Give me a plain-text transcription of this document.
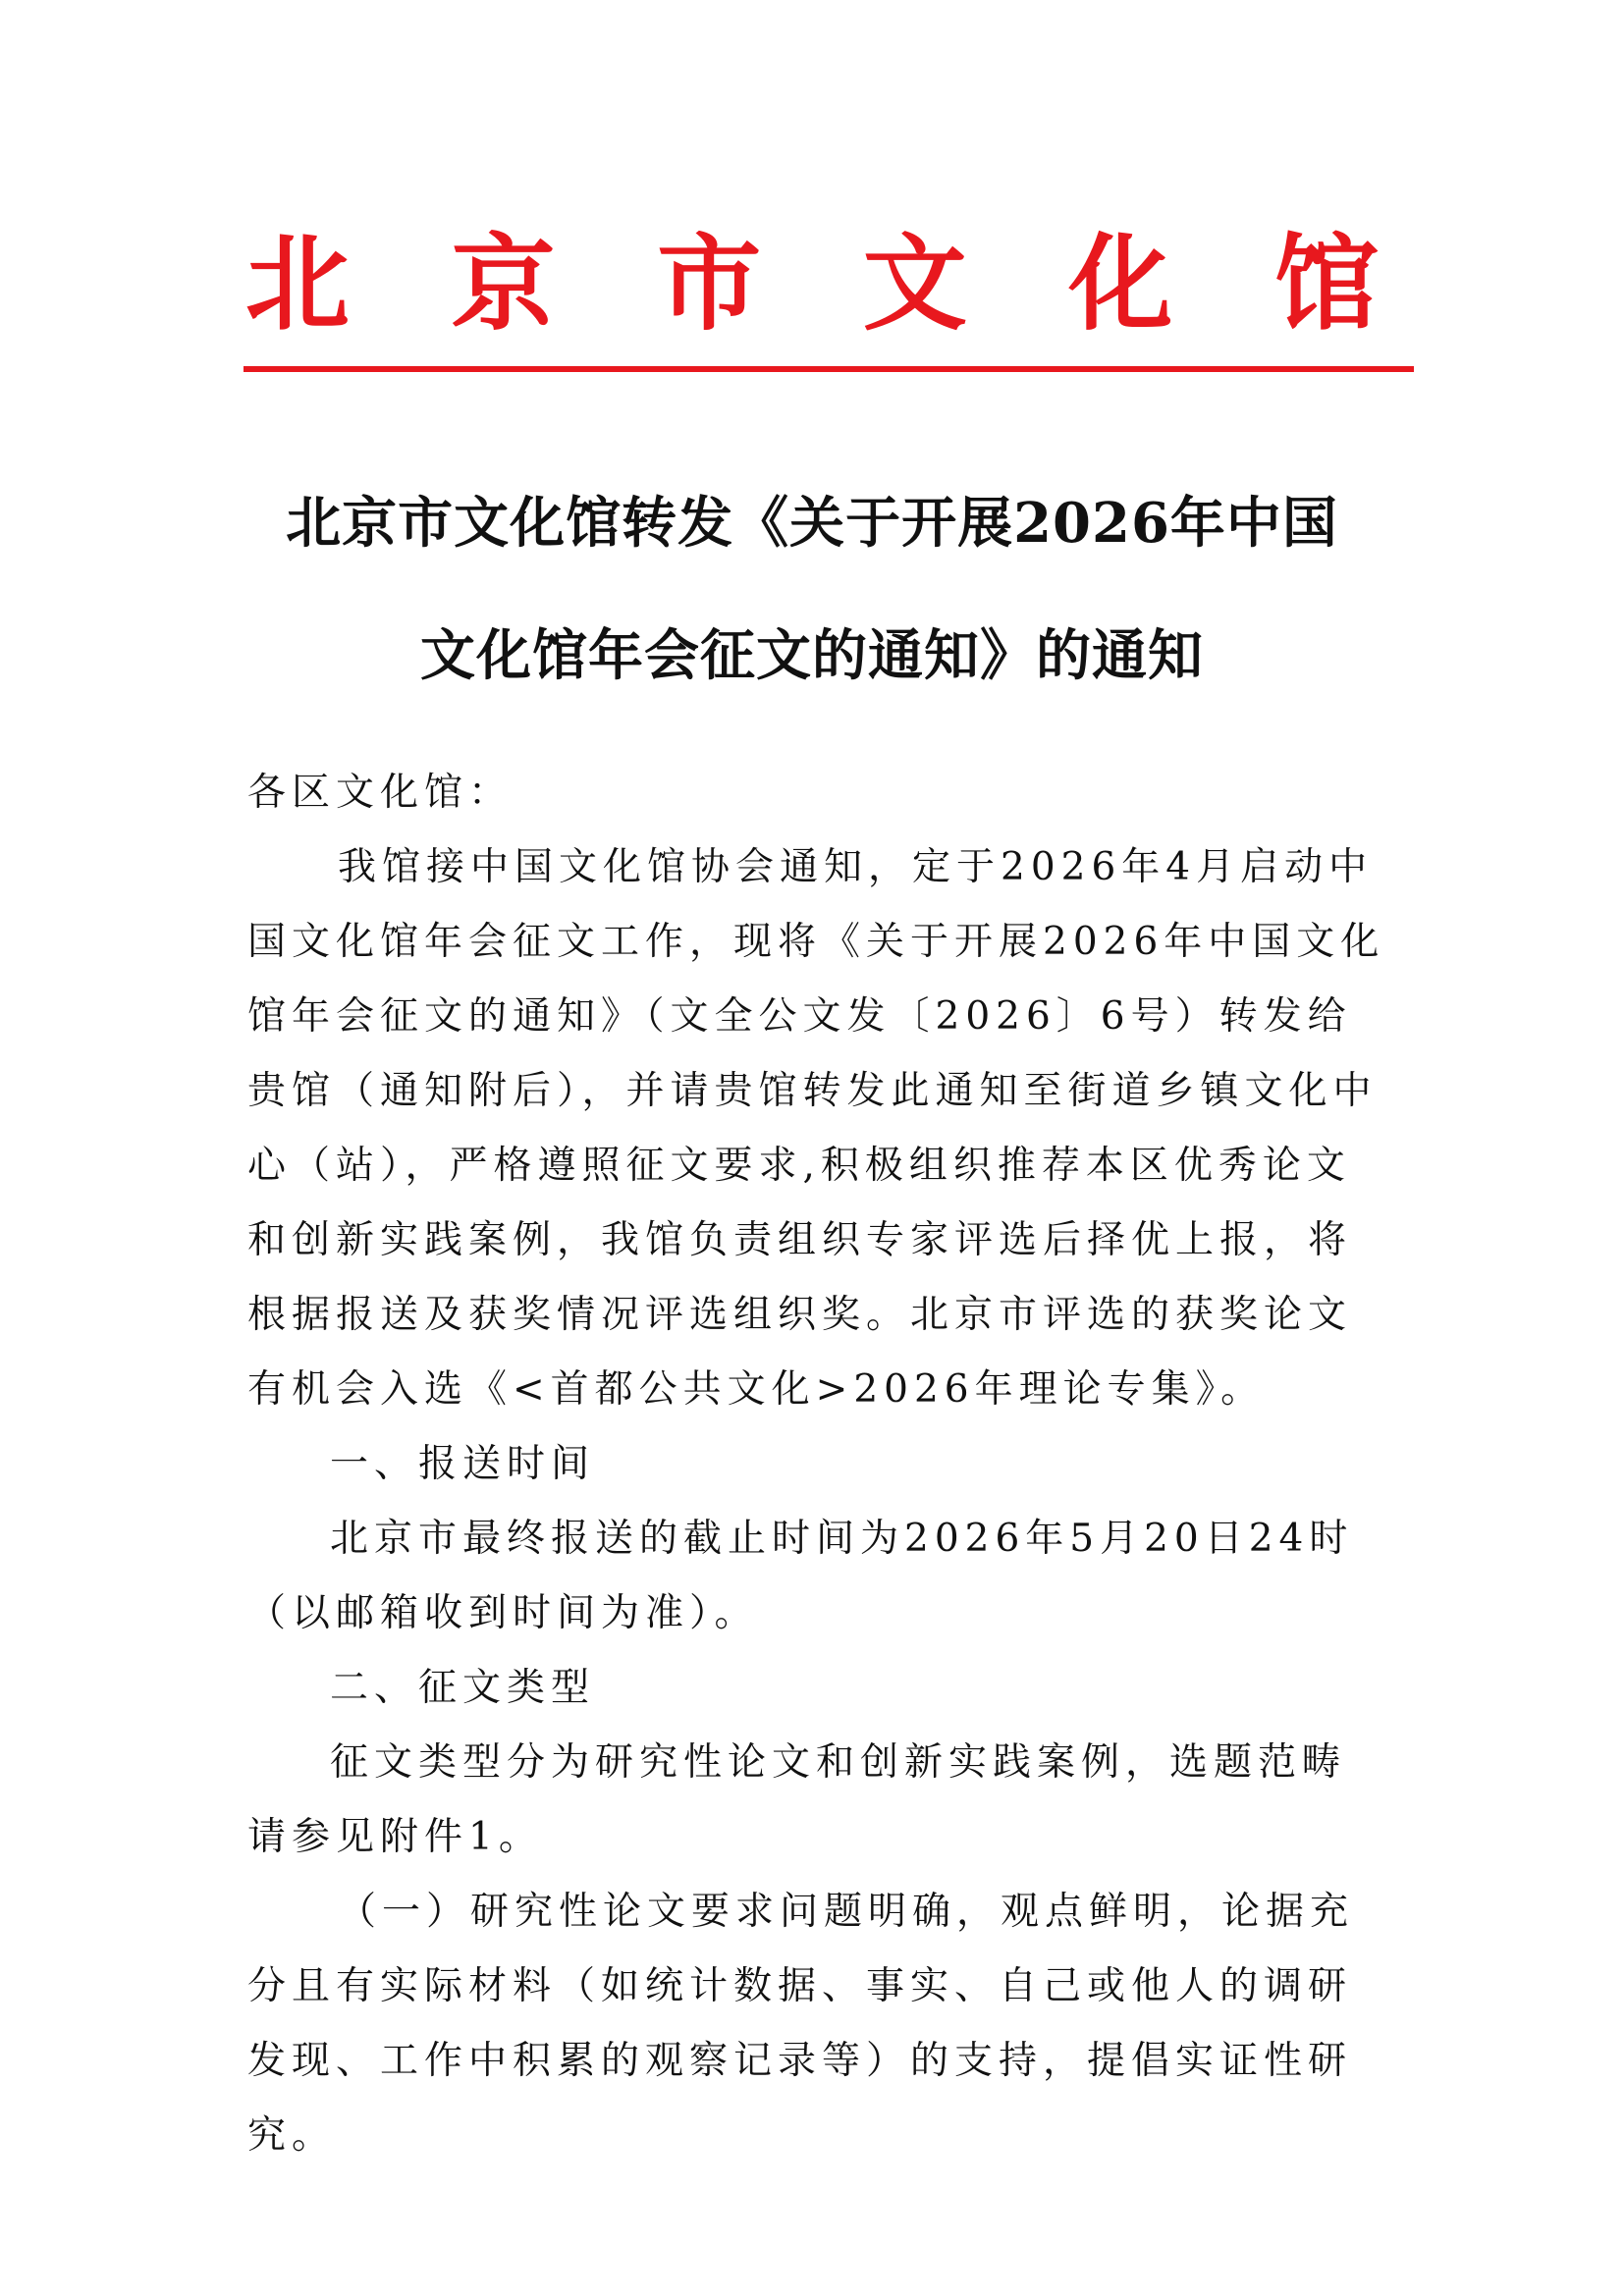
北 京 市 文 化 馆
北京市文化馆转发《关于开展2026年中国
文化馆年会征文的通知》的通知

各区文化馆：

我馆接中国文化馆协会通知，定于2026年4月启动中国文化馆年会征文工作，现将《关于开展2026年中国文化馆年会征文的通知》（文全公文发〔2026〕6号）转发给贵馆（通知附后），并请贵馆转发此通知至街道乡镇文化中心（站），严格遵照征文要求,积极组织推荐本区优秀论文和创新实践案例，我馆负责组织专家评选后择优上报，将根据报送及获奖情况评选组织奖。北京市评选的获奖论文有机会入选《<首都公共文化>2026年理论专集》。

一、报送时间

北京市最终报送的截止时间为2026年5月20日24时（以邮箱收到时间为准）。

二、征文类型

征文类型分为研究性论文和创新实践案例，选题范畴请参见附件1。

（一）研究性论文要求问题明确，观点鲜明，论据充分且有实际材料（如统计数据、事实、自己或他人的调研发现、工作中积累的观察记录等）的支持，提倡实证性研究。
